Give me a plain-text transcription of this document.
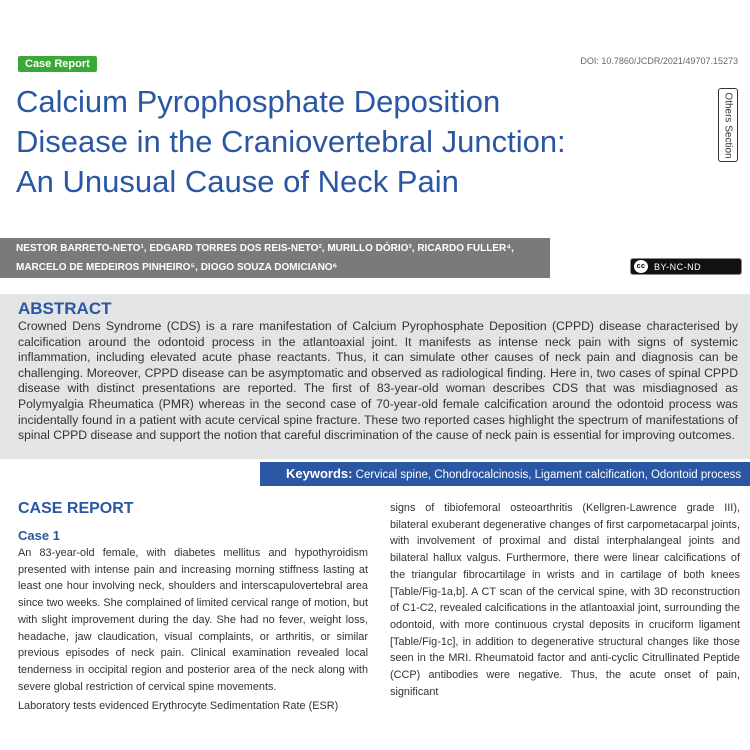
Case Report	DOI: 10.7860/JCDR/2021/49707.15273
Others Section
Calcium Pyrophosphate Deposition
Disease in the Craniovertebral Junction:
An Unusual Cause of Neck Pain
NESTOR BARRETO-NETO¹, EDGARD TORRES DOS REIS-NETO², MURILLO DÓRIO³, RICARDO FULLER⁴,
MARCELO DE MEDEIROS PINHEIRO⁵, DIOGO SOUZA DOMICIANO⁶	cc BY-NC-ND
ABSTRACT

Crowned Dens Syndrome (CDS) is a rare manifestation of Calcium Pyrophosphate Deposition (CPPD) disease characterised by calcification around the odontoid process in the atlantoaxial joint. It manifests as intense neck pain with signs of systemic inflammation, including elevated acute phase reactants. Thus, it can simulate other causes of neck pain and diagnosis can be challenging. Moreover, CPPD disease can be asymptomatic and observed as radiological finding. Here in, two cases of spinal CPPD disease with distinct presentations are reported. The first of 83-year-old woman describes CDS that was misdiagnosed as Polymyalgia Rheumatica (PMR) whereas in the second case of 70-year-old female calcification around the odontoid process was incidentally found in a patient with acute cervical spine fracture. These two reported cases highlight the spectrum of manifestations of spinal CPPD disease and support the notion that careful discrimination of the cause of neck pain is essential for improving outcomes.

Keywords: Cervical spine, Chondrocalcinosis, Ligament calcification, Odontoid process
CASE REPORT
Case 1

An 83-year-old female, with diabetes mellitus and hypothyroidism presented with intense pain and increasing morning stiffness lasting at least one hour involving neck, shoulders and interscapulovertebral area since two weeks. She complained of limited cervical range of motion, but with slight improvement during the day. She had no fever, weight loss, headache, jaw claudication, visual complaints, or arthritis, or similar previous episodes of neck pain. Clinical examination revealed local tenderness in occipital region and posterior area of the neck along with severe global restriction of cervical spine movements.

Laboratory tests evidenced Erythrocyte Sedimentation Rate (ESR)

signs of tibiofemoral osteoarthritis (Kellgren-Lawrence grade III), bilateral exuberant degenerative changes of first carpometacarpal joints, with involvement of proximal and distal interphalangeal joints and bilateral hallux valgus. Furthermore, there were linear calcifications of the triangular fibrocartilage in wrists and in cartilage of both knees [Table/Fig-1a,b]. A CT scan of the cervical spine, with 3D reconstruction of C1-C2, revealed calcifications in the atlantoaxial joint, surrounding the odontoid, with more continuous crystal deposits in cruciform ligament [Table/Fig-1c], in addition to degenerative structural changes like those seen in the MRI. Rheumatoid factor and anti-cyclic Citrullinated Peptide (CCP) antibodies were negative. Thus, the acute onset of pain, significant
